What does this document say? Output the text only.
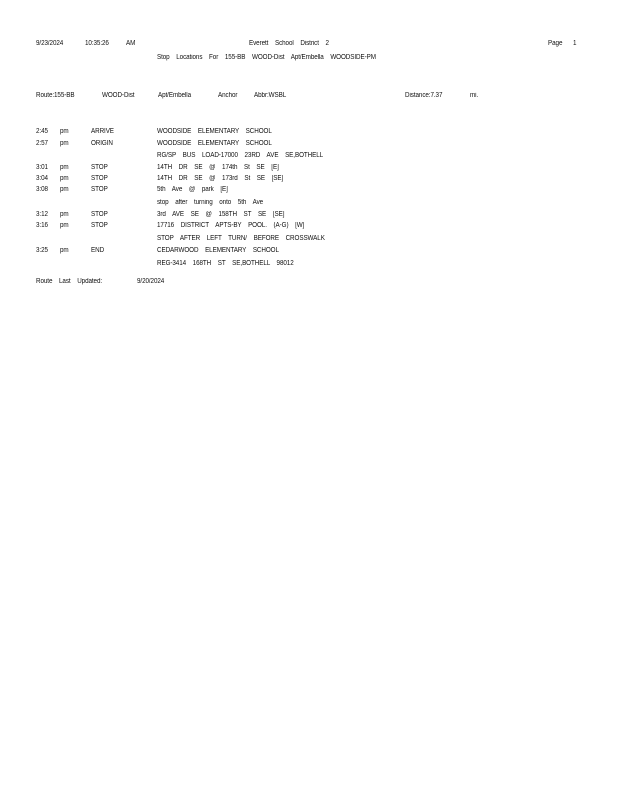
9/23/2024	10:35:26 AM	Everett    School    District    2	Page 1
Stop    Locations    For    155-BB    WOOD-Dist    Apt/Embella    WOODSIDE-PM
Route:155-BB	WOOD-Dist	Apt/Embella	Anchor Abbr:WSBL	Distance:7.37	mi.
2:45 pm	ARRIVE	WOODSIDE    ELEMENTARY    SCHOOL
2:57 pm	ORIGIN	WOODSIDE    ELEMENTARY    SCHOOL
RG/SP    BUS    LOAD-17000    23RD    AVE    SE,BOTHELL
3:01 pm	STOP	14TH    DR    SE    @    174th    St    SE    [E]
3:04 pm	STOP	14TH    DR    SE    @    173rd    St    SE    [SE]
3:08 pm	STOP	5th    Ave    @    park    [E]
stop    after    turning    onto    5th    Ave
3:12 pm	STOP	3rd    AVE    SE    @    158TH    ST    SE    [SE]
3:16 pm	STOP	17716    DISTRICT    APTS-BY    POOL.    (A-G)    [W]
STOP    AFTER    LEFT    TURN/    BEFORE    CROSSWALK
3:25 pm	END	CEDARWOOD    ELEMENTARY    SCHOOL
REG-3414    168TH    ST    SE,BOTHELL    98012
Route    Last    Updated:	9/20/2024
